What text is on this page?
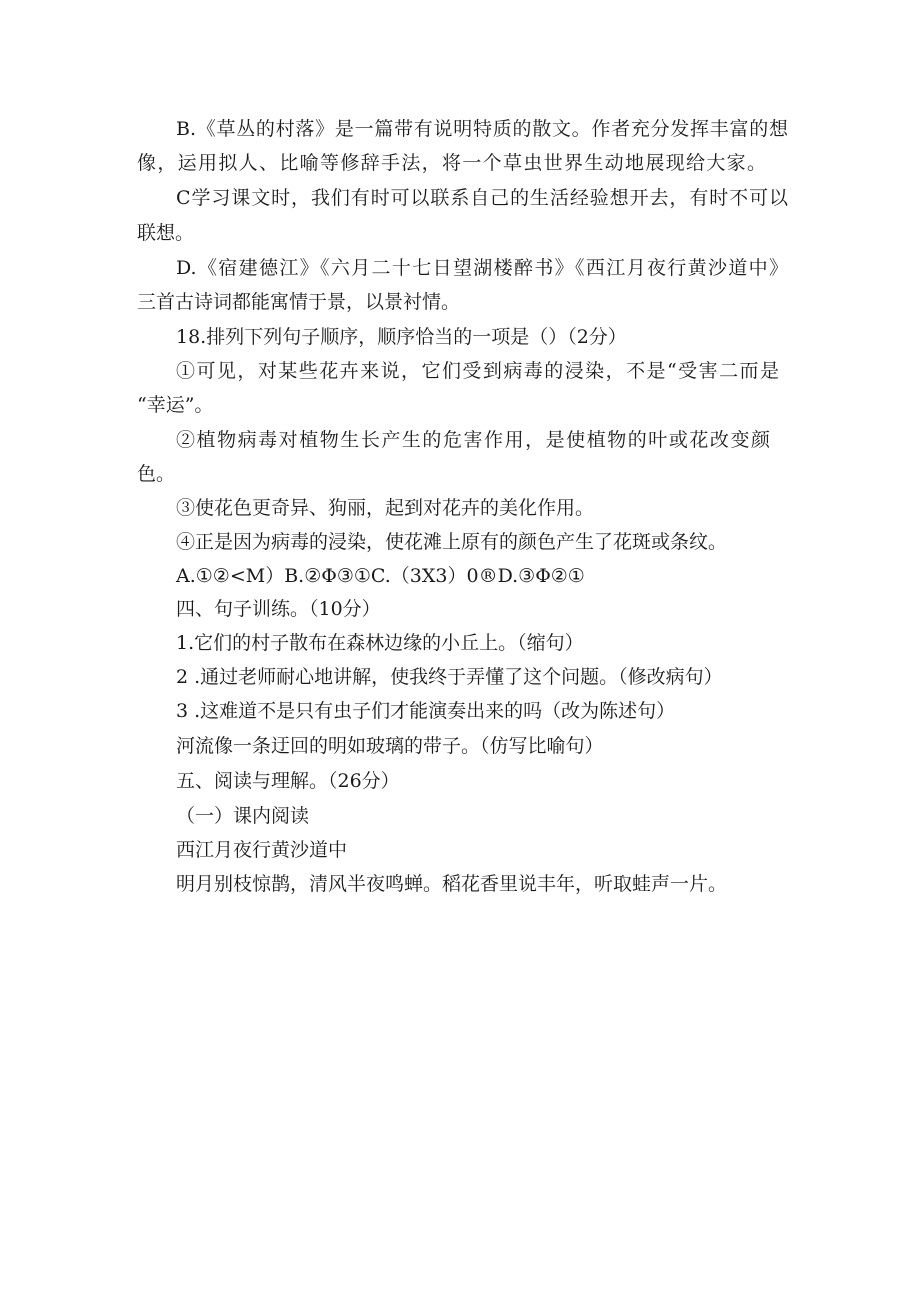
B.《草丛的村落》是一篇带有说明特质的散文。作者充分发挥丰富的想

像，运用拟人、比喻等修辞手法，将一个草虫世界生动地展现给大家。

C学习课文时，我们有时可以联系自己的生活经验想开去，有时不可以

联想。

D.《宿建德江》《六月二十七日望湖楼醉书》《西江月夜行黄沙道中》

三首古诗词都能寓情于景，以景衬情。

18.排列下列句子顺序，顺序恰当的一项是（）（2分）

①可见，对某些花卉来说，它们受到病毒的浸染，不是“受害二而是

“幸运”。

②植物病毒对植物生长产生的危害作用，是使植物的叶或花改变颜

色。

③使花色更奇异、狗丽，起到对花卉的美化作用。

④正是因为病毒的浸染，使花滩上原有的颜色产生了花斑或条纹。

A.①②<M）B.②Φ③①C.（3X3）0®D.③Φ②①

四、句子训练。（10分）

1.它们的村子散布在森林边缘的小丘上。（缩句）

2 .通过老师耐心地讲解，使我终于弄懂了这个问题。（修改病句）

3 .这难道不是只有虫子们才能演奏出来的吗（改为陈述句）

河流像一条迂回的明如玻璃的带子。（仿写比喻句）

五、阅读与理解。（26分）

（一）课内阅读

西江月夜行黄沙道中

明月别枝惊鹊，清风半夜鸣蝉。稻花香里说丰年，听取蛙声一片。
